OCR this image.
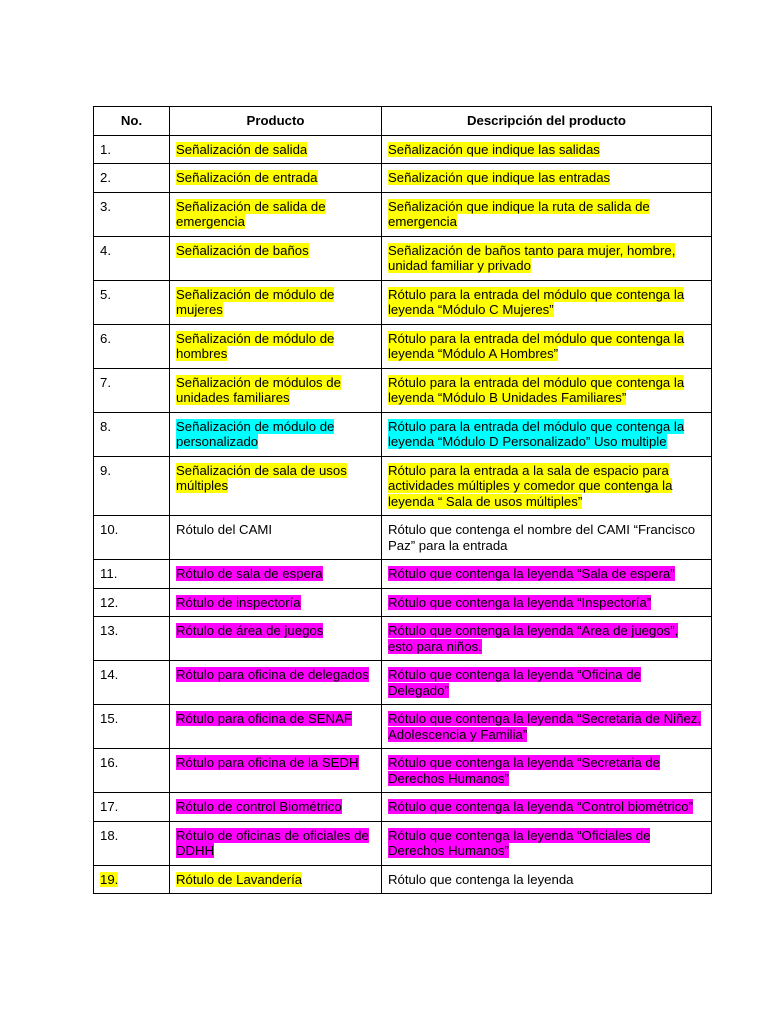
No.	Producto	Descripción del producto
1.	Señalización de salida	Señalización que indique las salidas
2.	Señalización de entrada	Señalización que indique las entradas
3.	Señalización de salida de emergencia	Señalización que indique la ruta de salida de emergencia
4.	Señalización de baños	Señalización de baños tanto para mujer, hombre, unidad familiar y privado
5.	Señalización de módulo de mujeres	Rótulo para la entrada del módulo que contenga la leyenda “Módulo C Mujeres”
6.	Señalización de módulo de hombres	Rótulo para la entrada del módulo que contenga la leyenda “Módulo A Hombres”
7.	Señalización de módulos de unidades familiares	Rótulo para la entrada del módulo que contenga la leyenda “Módulo B Unidades Familiares”
8.	Señalización de módulo de personalizado	Rótulo para la entrada del módulo que contenga la leyenda “Módulo D Personalizado” Uso multiple
9.	Señalización de sala de usos múltiples	Rótulo para la entrada a la sala de espacio para actividades múltiples y comedor que contenga la leyenda “ Sala de usos múltiples”
10.	Rótulo del CAMI	Rótulo que contenga el nombre del CAMI “Francisco Paz” para la entrada
11.	Rótulo de sala de espera	Rótulo que contenga la leyenda “Sala de espera”
12.	Rótulo de inspectoría	Rótulo que contenga la leyenda “Inspectoría”
13.	Rótulo de área de juegos	Rótulo que contenga la leyenda “Area de juegos”, esto para niños.
14.	Rótulo para oficina de delegados	Rótulo que contenga la leyenda “Oficina de Delegado”
15.	Rótulo para oficina de SENAF	Rótulo que contenga la leyenda “Secretaria de Niñez, Adolescencia y Familia”
16.	Rótulo para oficina de la SEDH	Rótulo que contenga la leyenda “Secretaria de Derechos Humanos”
17.	Rótulo de control Biométrico	Rótulo que contenga la leyenda “Control biométrico”
18.	Rótulo de oficinas de oficiales de DDHH	Rótulo que contenga la leyenda “Oficiales de Derechos Humanos”
19.	Rótulo de Lavandería	Rótulo que contenga la leyenda
